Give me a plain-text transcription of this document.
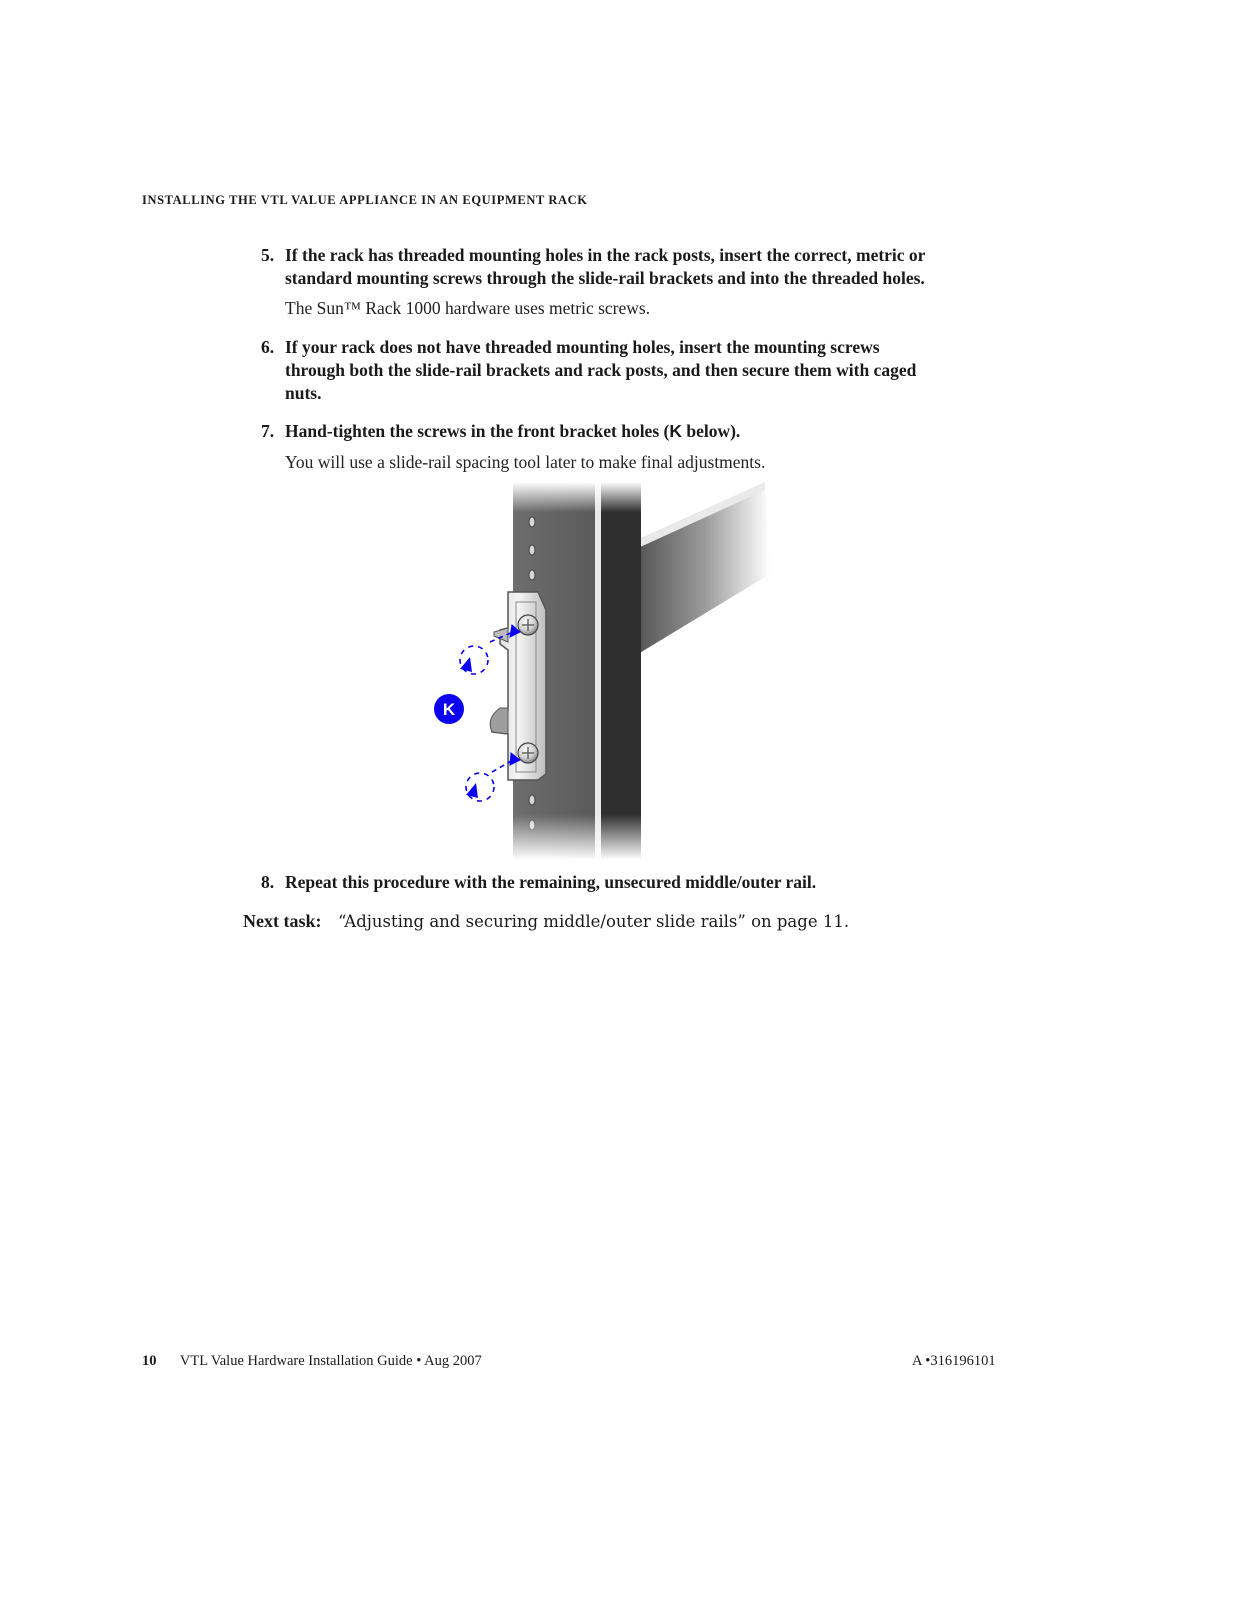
INSTALLING THE VTL VALUE APPLIANCE IN AN EQUIPMENT RACK
5. If the rack has threaded mounting holes in the rack posts, insert the correct, metric or
standard mounting screws through the slide-rail brackets and into the threaded holes.
The Sun™ Rack 1000 hardware uses metric screws.
6. If your rack does not have threaded mounting holes, insert the mounting screws
through both the slide-rail brackets and rack posts, and then secure them with caged
nuts.
7. Hand-tighten the screws in the front bracket holes (K below).
You will use a slide-rail spacing tool later to make final adjustments.
K
8. Repeat this procedure with the remaining, unsecured middle/outer rail.
Next task: “Adjusting and securing middle/outer slide rails” on page 11.
10 VTL Value Hardware Installation Guide • Aug 2007	A •316196101
